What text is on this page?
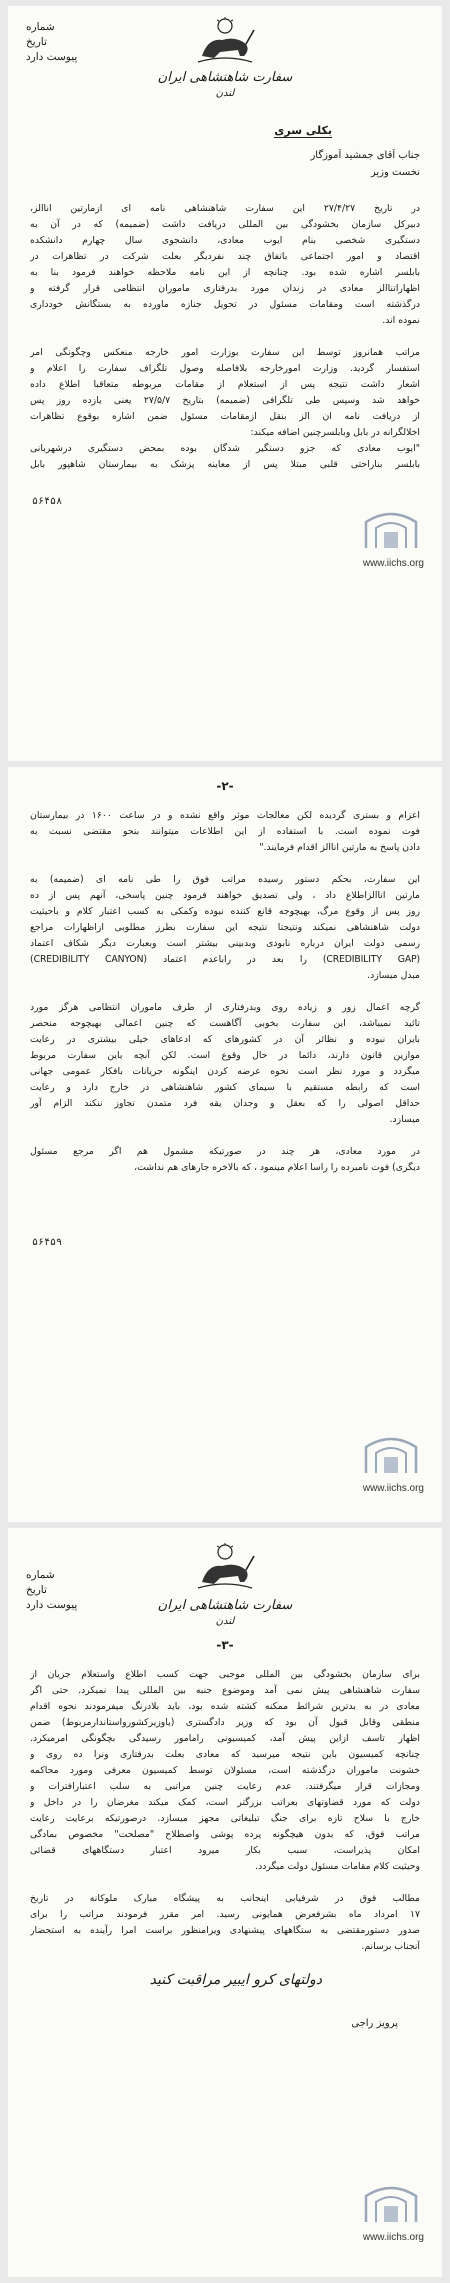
شماره
تاریخ
پیوست دارد
سفارت شاهنشاهی ایران
لندن
بکلی سری
جناب آقای جمشید آموزگار
نخست وزیر
در تاریخ ۲۷/۴/۲۷ این سفارت شاهنشاهی نامه ای ازمارتین اناالز،
دبیرکل سازمان بخشودگی بین المللی دریافت داشت (ضمیمه) که در آن به
دستگیری شخصی بنام ایوب معادی، دانشجوی سال چهارم دانشکده
اقتصاد و امور اجتماعی باتفاق چند نفردیگر بعلت شرکت در تظاهرات در
بابلسر اشاره شده بود. چنانچه از این نامه ملاحظه خواهند فرمود بنا به
اظهاراتناالز معادی در زندان مورد بدرفتاری ماموران انتظامی قرار گرفته و
درگذشته است ومقامات مسئول در تحویل جنازه ماورده به بستگانش خودداری
نموده اند.
مراتب همانروز توسط این سفارت بوزارت امور خارجه منعکس وچگونگی امر
استفسار گردید. وزارت امورخارجه بلافاصله وصول تلگراف سفارت را اعلام و
اشعار داشت نتیجه پس از استعلام از مقامات مربوطه متعاقبا اطلاع داده
خواهد شد وسپس طی تلگرافی (ضمیمه) بتاریخ ۲۷/۵/۷ یعنی یازده روز پس
از دریافت نامه ان الز بنقل ازمقامات مسئول ضمن اشاره بوقوع تظاهرات
اخلالگرانه در بابل وبابلسرچنین اضافه میکند:
"ایوب معادی که جزو دستگیر شدگان بوده بمحض دستگیری درشهربانی
بابلسر بناراحتی قلبی مبتلا پس از معاینه پزشک به بیمارستان شاهپور بابل
۵۶۴۵۸
www.iichs.org
-۲-
اعزام و بستری گردیده لکن معالجات موثر واقع نشده و در ساعت ۱۶۰۰ در بیمارستان
فوت نموده است. با استفاده از این اطلاعات میتوانند بنحو مقتضی نسبت به
دادن پاسخ به مارتین اناالز اقدام فرمایند."
این سفارت، بحکم دستور رسیده مراتب فوق را طی نامه ای (ضمیمه) به
مارتین اناالزاطلاع داد ، ولی تصدیق خواهند فرمود چنین پاسخی، آنهم پس از ده
روز پس از وقوع مرگ، بهیچوجه قانع کننده نبوده وکمکی به کسب اعتبار کلام و باحیثیت
دولت شاهنشاهی نمیکند ونتیجتا نتیجه این سفارت بطرز مطلوبی ازاظهارات مراجع
رسمی دولت ایران درباره نابودی وبدبینی بیشتر است وبعبارت دیگر شکاف اعتماد
(CREDIBILITY GAP) را بعد در راباعدم اعتماد (CREDIBILITY CANYON)
مبدل میسازد.
گرچه اعمال زور و زیاده روی وبدرفتاری از طرف ماموران انتظامی هرگز مورد
تائید نمیباشد، این سفارت بخوبی آگاهست که چنین اعمالی بهیچوجه منحصر
بایران نبوده و نظائر آن در کشورهای که ادعاهای خیلی بیشتری در رعایت
موازین قانون دارند، دائما در حال وقوع است. لکن آنچه باین سفارت مربوط
میگردد و مورد نظر است نحوه عرضه کردن اینگونه جریانات بافکار عمومی جهانی
است که رابطه مستقیم با سیمای کشور شاهنشاهی در خارج دارد و رعایت
حداقل اصولی را که بعقل و وجدان یقه فرد متمدن تجاوز ننکند الزام آور
میسازد.
در مورد معادی، هر چند در صورتیکه مشمول هم اگر مرجع مسئول
دیگری) فوت نامبرده را راسا اعلام مینمود ، که بالاخره جارهای هم نداشت،
۵۶۴۵۹
www.iichs.org
شماره
تاریخ
پیوست دارد	سفارت شاهنشاهی ایران
لندن
-۳-
برای سازمان بخشودگی بین المللی موجبی جهت کسب اطلاع واستعلام جریان از
سفارت شاهنشاهی پیش نمی آمد وموضوع جنبه بین المللی پیدا نمیکرد. حتی اگر
معادی در به بدترین شرائط ممکنه کشته شده بود، باید بلادرنگ میفرمودند نحوه اقدام
منطقی وقابل قبول آن بود که وزیر دادگستری (یاوزیرکشورواستاندارمربوط) ضمن
اظهار تاسف ازاین پیش آمد، کمیسیونی رامامور رسیدگی بچگونگی امرمیکرد.
چنانچه کمیسیون باین نتیجه میرسید که معادی بعلت بدرفتاری ونرا ده روی و
خشونت ماموران درگذشته است، مسئولان توسط کمیسیون معرفی ومورد محاکمه
ومجازات قرار میگرفتند. عدم رعایت چنین مراتبی به سلب اعتبارافترات و
دولت که مورد قضاوتهای بعراتب بزرگتر است، کمک میکند مغرضان را در داخل و
خارج با سلاح تازه برای جنگ تبلیغاتی مجهز میسازد. درصورتیکه برعایت رعایت
مراتب فوق، که بدون هیچگونه پرده پوشی واصطلاح "مصلحت" مخصوص بمادگی
امکان پذیراست، سبب بکار میرود اعتبار دستگاههای قضائی
وحیثیت کلام مقامات مسئول دولت میگردد.
مطالب فوق در شرفیابی اینجانب به پیشگاه مبارک ملوکانه در تاریخ
۱۷ امرداد ماه بشرفعرض همایونی رسید. امر مقرر فرمودند مراتب را برای
صدور دستورمقتضی به ستگاههای پیشنهادی ویرامنظور براست امرا رآینده به استحضار
آنجناب برسانم.
دولتهای کرو ایبیر مراقبت کنید
پرویز راجی
www.iichs.org
